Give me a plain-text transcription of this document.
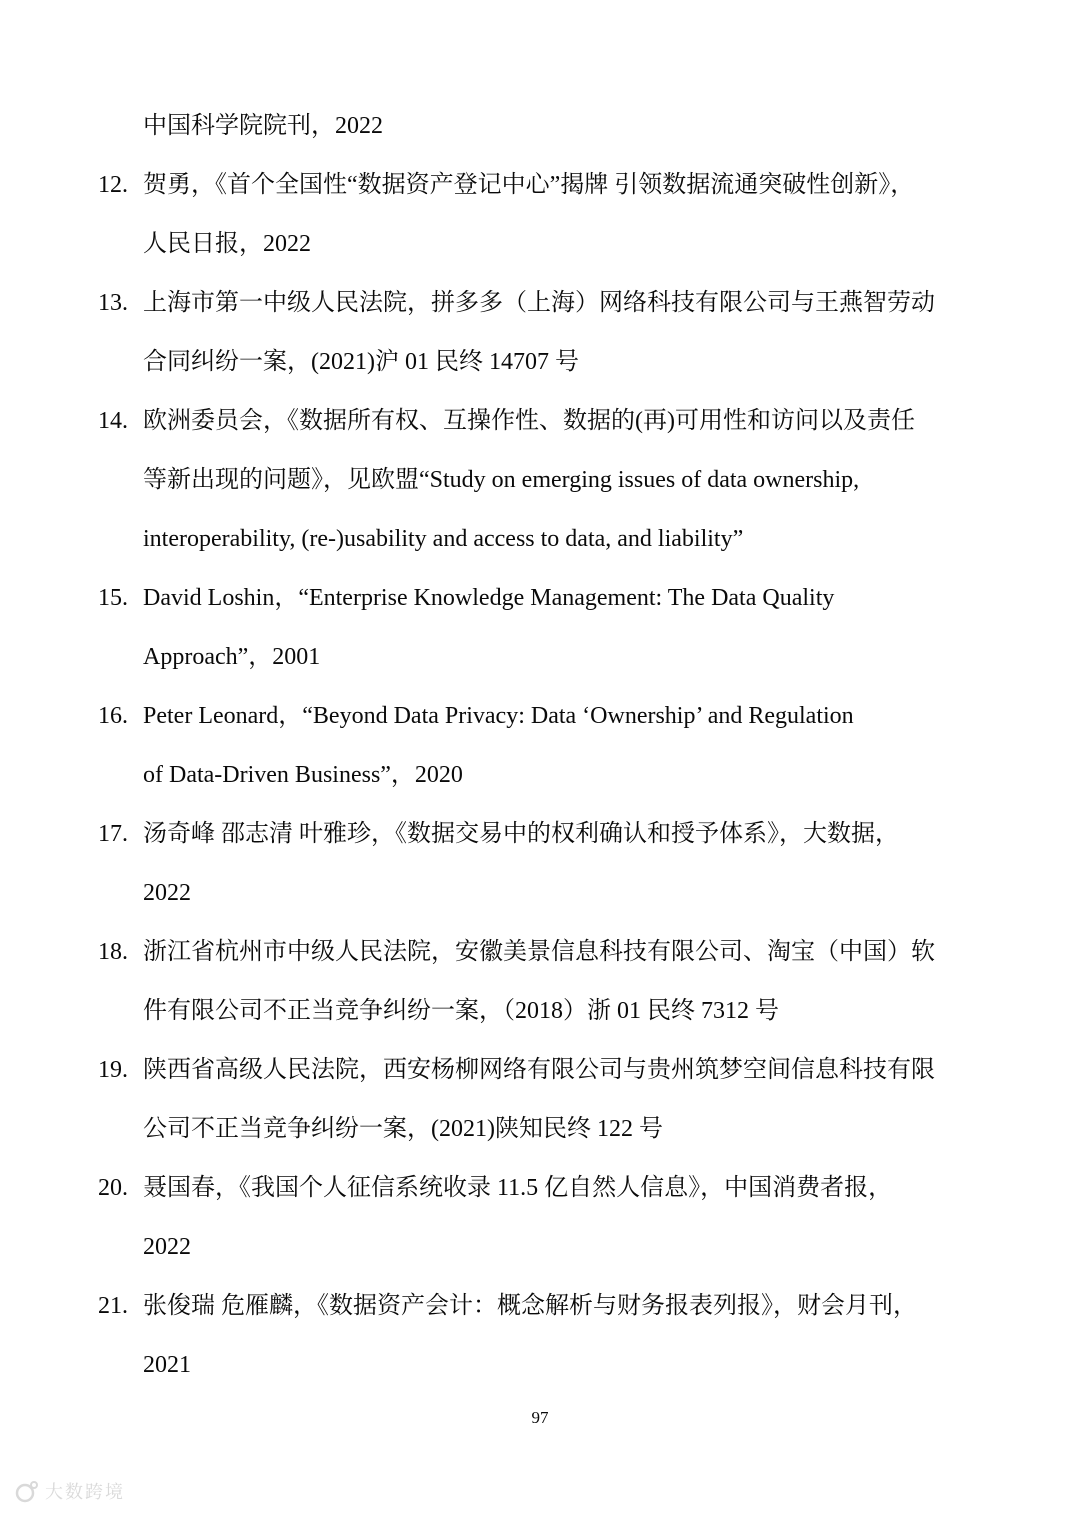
中国科学院院刊，2022
12. 贺勇，《首个全国性“数据资产登记中心”揭牌 引领数据流通突破性创新》，
人民日报，2022
13. 上海市第一中级人民法院，拼多多（上海）网络科技有限公司与王燕智劳动
合同纠纷一案，(2021)沪 01 民终 14707 号
14. 欧洲委员会，《数据所有权、互操作性、数据的(再)可用性和访问以及责任
等新出现的问题》，见欧盟“Study on emerging issues of data ownership,
interoperability, (re-)usability and access to data, and liability”
15. David Loshin，“Enterprise Knowledge Management: The Data Quality
Approach”，2001
16. Peter Leonard，“Beyond Data Privacy: Data ‘Ownership’ and Regulation
of Data-Driven Business”，2020
17. 汤奇峰 邵志清 叶雅珍，《数据交易中的权利确认和授予体系》，大数据，
2022
18. 浙江省杭州市中级人民法院，安徽美景信息科技有限公司、淘宝（中国）软
件有限公司不正当竞争纠纷一案，（2018）浙 01 民终 7312 号
19. 陕西省高级人民法院，西安杨柳网络有限公司与贵州筑梦空间信息科技有限
公司不正当竞争纠纷一案，(2021)陕知民终 122 号
20. 聂国春，《我国个人征信系统收录 11.5 亿自然人信息》，中国消费者报，
2022
21. 张俊瑞 危雁麟，《数据资产会计：概念解析与财务报表列报》，财会月刊，
2021
97
大数跨境
